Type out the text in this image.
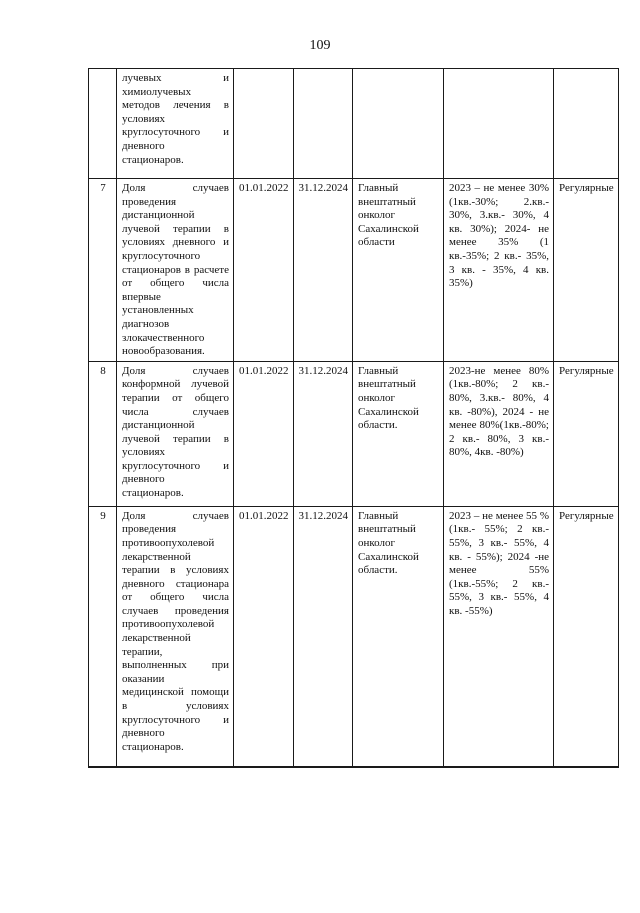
109

	лучевых и химиолучевых методов лечения в условиях круглосуточного и дневного стационаров.					

7	Доля случаев проведения дистанционной лучевой терапии в условиях дневного и круглосуточного стационаров в расчете от общего числа впервые установленных диагнозов злокачественного новообразования.	01.01.2022	31.12.2024	Главный внештатный онколог Сахалинской области	2023 – не менее 30% (1кв.-30%; 2.кв.- 30%, 3.кв.- 30%, 4 кв. 30%); 2024- не менее 35% (1 кв.-35%; 2 кв.- 35%, 3 кв. - 35%, 4 кв. 35%)	Регулярные
8	Доля случаев конформной лучевой терапии от общего числа случаев дистанционной лучевой терапии в условиях круглосуточного и дневного стационаров.	01.01.2022	31.12.2024	Главный внештатный онколог Сахалинской области.	2023-не менее 80% (1кв.-80%; 2 кв.- 80%, 3.кв.- 80%, 4 кв. -80%), 2024 - не менее 80%(1кв.-80%; 2 кв.- 80%, 3 кв.- 80%, 4кв. -80%)	Регулярные
9	Доля случаев проведения противоопухолевой лекарственной терапии в условиях дневного стационара от общего числа случаев проведения противоопухолевой лекарственной терапии, выполненных при оказании медицинской помощи в условиях круглосуточного и дневного стационаров.	01.01.2022	31.12.2024	Главный внештатный онколог Сахалинской области.	2023 – не менее 55 % (1кв.- 55%; 2 кв.- 55%, 3 кв.- 55%, 4 кв. - 55%); 2024 -не менее 55% (1кв.-55%; 2 кв.- 55%, 3 кв.- 55%, 4 кв. -55%)	Регулярные
